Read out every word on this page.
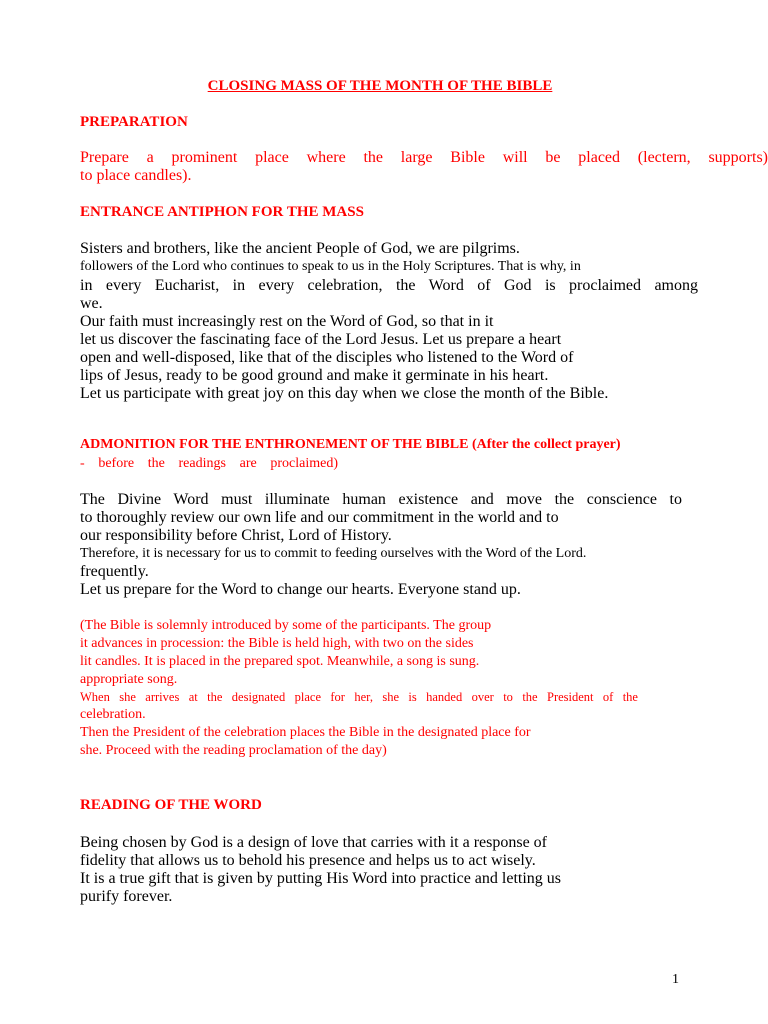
CLOSING MASS OF THE MONTH OF THE BIBLE
PREPARATION
Prepare a prominent place where the large Bible will be placed (lectern, supports)
to place candles).
ENTRANCE ANTIPHON FOR THE MASS
Sisters and brothers, like the ancient People of God, we are pilgrims.
followers of the Lord who continues to speak to us in the Holy Scriptures. That is why, in
in every Eucharist, in every celebration, the Word of God is proclaimed among
we.
Our faith must increasingly rest on the Word of God, so that in it
let us discover the fascinating face of the Lord Jesus. Let us prepare a heart
open and well-disposed, like that of the disciples who listened to the Word of
lips of Jesus, ready to be good ground and make it germinate in his heart.
Let us participate with great joy on this day when we close the month of the Bible.
ADMONITION FOR THE ENTHRONEMENT OF THE BIBLE (After the collect prayer)
- before the readings are proclaimed)
The Divine Word must illuminate human existence and move the conscience to
to thoroughly review our own life and our commitment in the world and to
our responsibility before Christ, Lord of History.
Therefore, it is necessary for us to commit to feeding ourselves with the Word of the Lord.
frequently.
Let us prepare for the Word to change our hearts. Everyone stand up.
(The Bible is solemnly introduced by some of the participants. The group
it advances in procession: the Bible is held high, with two on the sides
lit candles. It is placed in the prepared spot. Meanwhile, a song is sung.
appropriate song.
When she arrives at the designated place for her, she is handed over to the President of the
celebration.
Then the President of the celebration places the Bible in the designated place for
she. Proceed with the reading proclamation of the day)
READING OF THE WORD
Being chosen by God is a design of love that carries with it a response of
fidelity that allows us to behold his presence and helps us to act wisely.
It is a true gift that is given by putting His Word into practice and letting us
purify forever.
1
